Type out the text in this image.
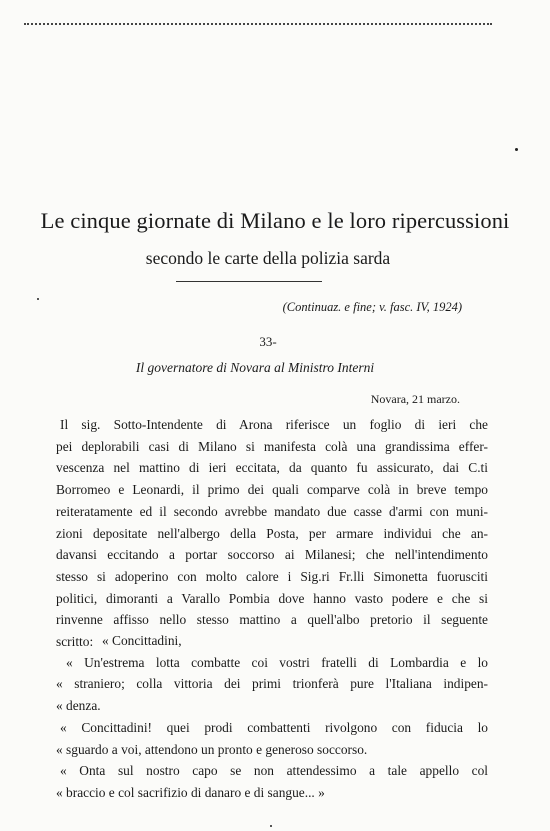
Le cinque giornate di Milano e le loro ripercussioni
secondo le carte della polizia sarda
(Continuaz. e fine; v. fasc. IV, 1924)
33-
Il governatore di Novara al Ministro Interni
Novara, 21 marzo.
Il sig. Sotto-Intendente di Arona riferisce un foglio di ieri che
pei deplorabili casi di Milano si manifesta colà una grandissima effer-
vescenza nel mattino di ieri eccitata, da quanto fu assicurato, dai C.ti
Borromeo e Leonardi, il primo dei quali comparve colà in breve tempo
reiteratamente ed il secondo avrebbe mandato due casse d'armi con muni-
zioni depositate nell'albergo della Posta, per armare individui che an-
davansi eccitando a portar soccorso ai Milanesi; che nell'intendimento
stesso si adoperino con molto calore i Sig.ri Fr.lli Simonetta fuorusciti
politici, dimoranti a Varallo Pombia dove hanno vasto podere e che si
rinvenne affisso nello stesso mattino a quell'albo pretorio il seguente
scritto: « Concittadini,
« Un'estrema lotta combatte coi vostri fratelli di Lombardia e lo
« straniero; colla vittoria dei primi trionferà pure l'Italiana indipen-
« denza.
« Concittadini! quei prodi combattenti rivolgono con fiducia lo
« sguardo a voi, attendono un pronto e generoso soccorso.
« Onta sul nostro capo se non attendessimo a tale appello col
« braccio e col sacrifizio di danaro e di sangue... »
